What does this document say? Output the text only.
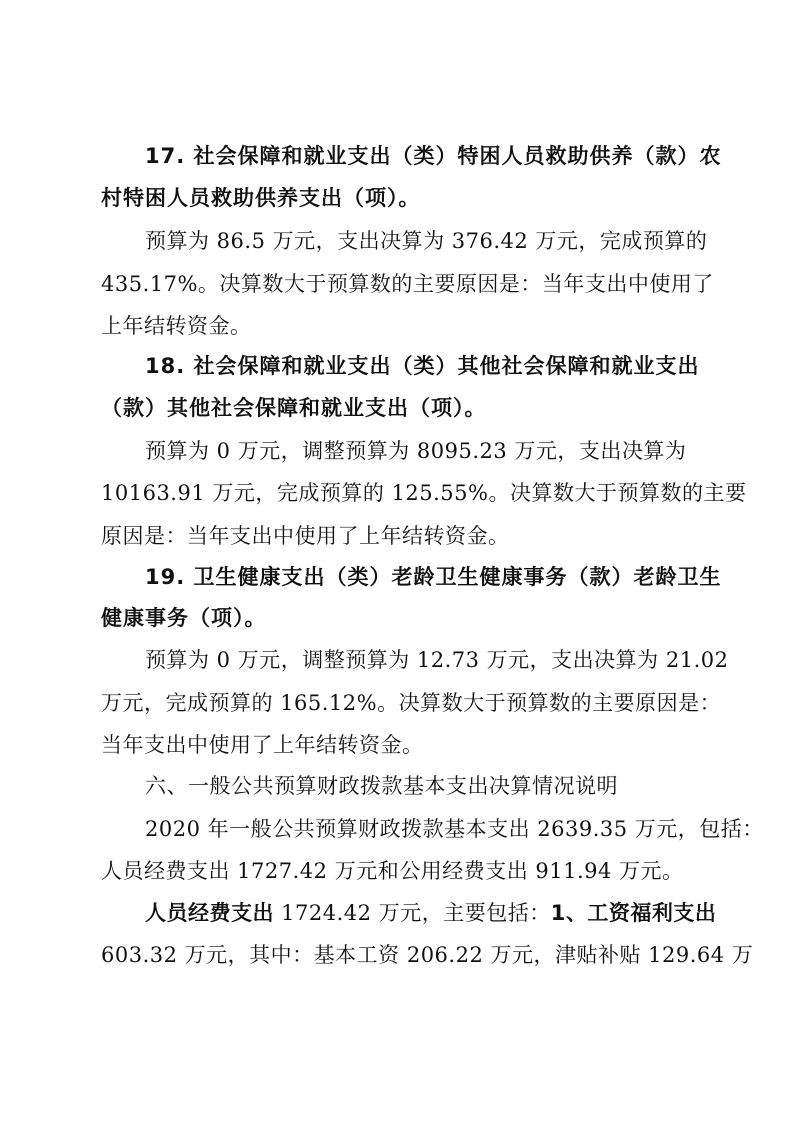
17. 社会保障和就业支出（类）特困人员救助供养（款）农
村特困人员救助供养支出（项）。
预算为 86.5 万元，支出决算为 376.42 万元，完成预算的
435.17%。决算数大于预算数的主要原因是：当年支出中使用了
上年结转资金。
18. 社会保障和就业支出（类）其他社会保障和就业支出
（款）其他社会保障和就业支出（项）。
预算为 0 万元，调整预算为 8095.23 万元，支出决算为
10163.91 万元，完成预算的 125.55%。决算数大于预算数的主要
原因是：当年支出中使用了上年结转资金。
19. 卫生健康支出（类）老龄卫生健康事务（款）老龄卫生
健康事务（项）。
预算为 0 万元，调整预算为 12.73 万元，支出决算为 21.02
万元，完成预算的 165.12%。决算数大于预算数的主要原因是：
当年支出中使用了上年结转资金。
六、一般公共预算财政拨款基本支出决算情况说明
2020 年一般公共预算财政拨款基本支出 2639.35 万元，包括：
人员经费支出 1727.42 万元和公用经费支出 911.94 万元。
人员经费支出 1724.42 万元，主要包括：1、工资福利支出
603.32 万元，其中：基本工资 206.22 万元，津贴补贴 129.64 万
